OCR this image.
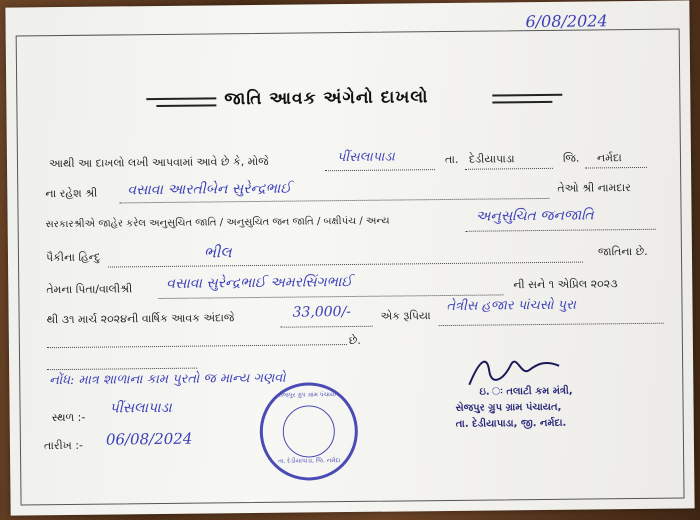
6/08/2024
જાતિ આવક અંગેનો દાખલો
આથી આ દાખલો લખી આપવામાં આવે છે કે, મોજે	પીંસલાપાડા	તા. દેડીયાપાડા	જિ. નર્મદા
ના રહેશ શ્રી વસાવા આરતીબેન સુરેન્દ્રભાઈ	તેઓ શ્રી નામદાર
સરકારશ્રીએ જાહેર કરેલ અનુસુચિત જાતિ / અનુસુચિત જન જાતિ / બક્ષીપંચ / અન્ય	અનુસુચિત જનજાતિ
પૈકીના હિન્દુ	ભીલ	જાતિના છે.
તેમના પિતા/વાલીશ્રી વસાવા સુરેન્દ્રભાઈ અમરસિંગભાઈ	ની સને ૧ એપ્રિલ ૨૦૨૩
થી ૩૧ માર્ચ ૨૦૨૪ની વાર્ષિક આવક અંદાજે	33,000/-	એક રૂપિયા
તેત્રીસ હજાર પાંચસો પુરા
છે.
નોંધ: માત્ર શાળાના કામ પુરતો જ માન્ય ગણવો
સ્થળ :-
પીંસલાપાડા
તારીખ :- 06/08/2024
સેજપુર ગ્રુપ ગ્રામ પંચાયત
તા. દેડીયાપાડા, જિ. નર્મદા
ઇ. ઃ તલાટી કમ મંત્રી,
સેજપુર ગ્રુપ ગ્રામ પંચાયત,
તા. દેડીયાપાડા, જી. નર્મદા.
